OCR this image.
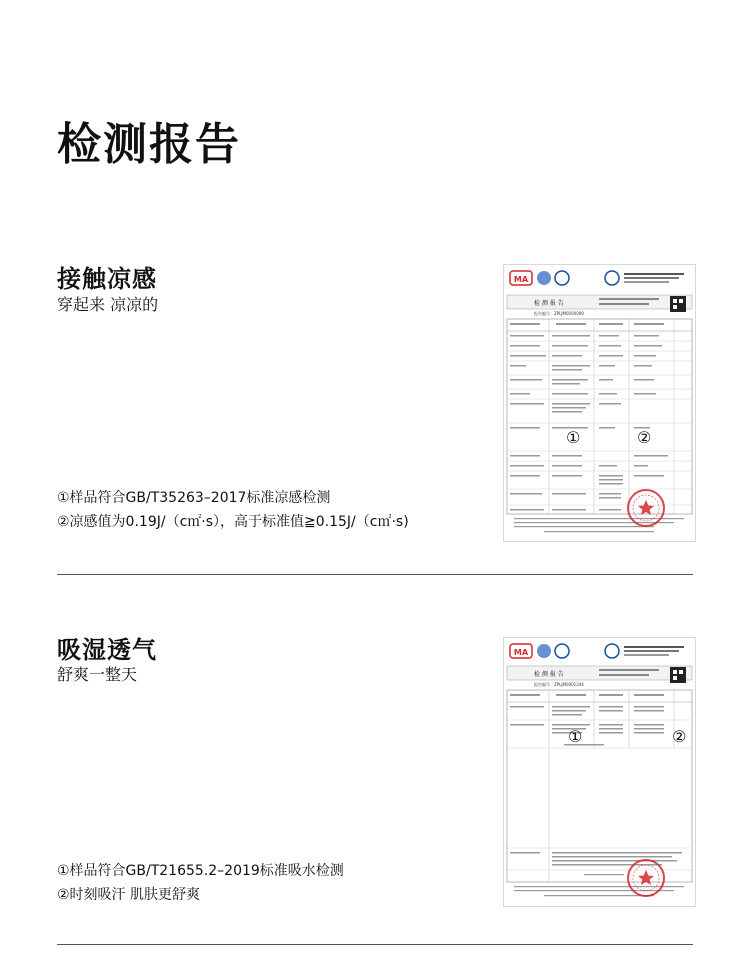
检测报告
接触凉感
穿起来 凉凉的
①样品符合GB/T35263–2017标准凉感检测
②凉感值为0.19J/（c㎡·s），高于标准值≧0.15J/（c㎡·s)
MA
检 测 报 告
报告编号：ZPLJM0000009
①	②
吸湿透气
舒爽一整天
①样品符合GB/T21655.2–2019标准吸水检测
②时刻吸汗 肌肤更舒爽
MA
检 测 报 告
报告编号：ZPLJM0001244
①	②
